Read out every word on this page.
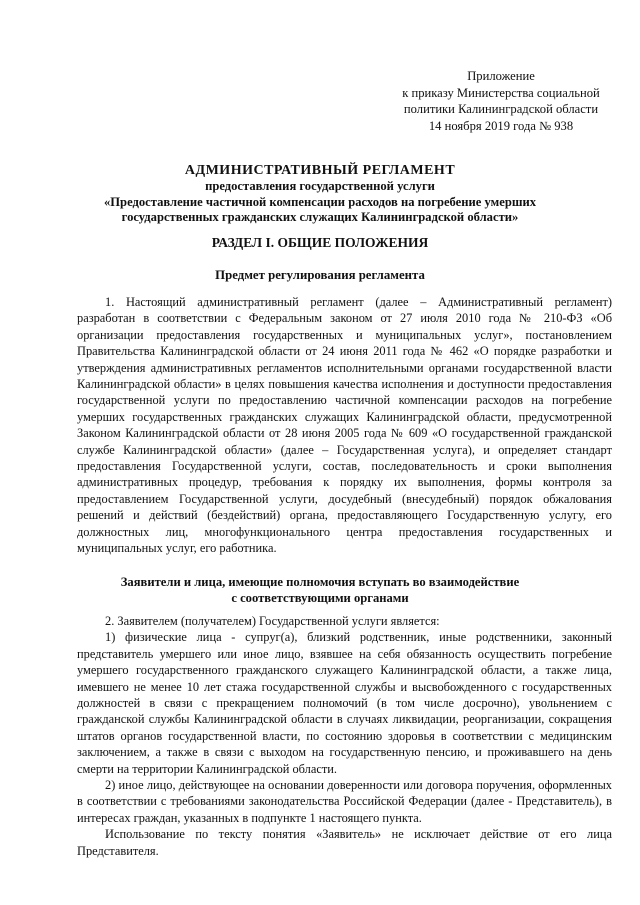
Приложение
к приказу Министерства социальной
политики Калининградской области
14 ноября 2019 года № 938
АДМИНИСТРАТИВНЫЙ РЕГЛАМЕНТ
предоставления государственной услуги
«Предоставление частичной компенсации расходов на погребение умерших
государственных гражданских служащих Калининградской области»
РАЗДЕЛ I. ОБЩИЕ ПОЛОЖЕНИЯ
Предмет регулирования регламента

1. Настоящий административный регламент (далее – Административный регламент) разработан в соответствии с Федеральным законом от 27 июля 2010 года № 210-ФЗ «Об организации предоставления государственных и муниципальных услуг», постановлением Правительства Калининградской области от 24 июня 2011 года № 462 «О порядке разработки и утверждения административных регламентов исполнительными органами государственной власти Калининградской области» в целях повышения качества исполнения и доступности предоставления государственной услуги по предоставлению частичной компенсации расходов на погребение умерших государственных гражданских служащих Калининградской области, предусмотренной Законом Калининградской области от 28 июня 2005 года № 609 «О государственной гражданской службе Калининградской области» (далее – Государственная услуга), и определяет стандарт предоставления Государственной услуги, состав, последовательность и сроки выполнения административных процедур, требования к порядку их выполнения, формы контроля за предоставлением Государственной услуги, досудебный (внесудебный) порядок обжалования решений и действий (бездействий) органа, предоставляющего Государственную услугу, его должностных лиц, многофункционального центра предоставления государственных и муниципальных услуг, его работника.

Заявители и лица, имеющие полномочия вступать во взаимодействие
с соответствующими органами

2. Заявителем (получателем) Государственной услуги является:

1) физические лица - супруг(а), близкий родственник, иные родственники, законный представитель умершего или иное лицо, взявшее на себя обязанность осуществить погребение умершего государственного гражданского служащего Калининградской области, а также лица, имевшего не менее 10 лет стажа государственной службы и высвобожденного с государственных должностей в связи с прекращением полномочий (в том числе досрочно), увольнением с гражданской службы Калининградской области в случаях ликвидации, реорганизации, сокращения штатов органов государственной власти, по состоянию здоровья в соответствии с медицинским заключением, а также в связи с выходом на государственную пенсию, и проживавшего на день смерти на территории Калининградской области.

2) иное лицо, действующее на основании доверенности или договора поручения, оформленных в соответствии с требованиями законодательства Российской Федерации (далее - Представитель), в интересах граждан, указанных в подпункте 1 настоящего пункта.

Использование по тексту понятия «Заявитель» не исключает действие от его лица Представителя.
